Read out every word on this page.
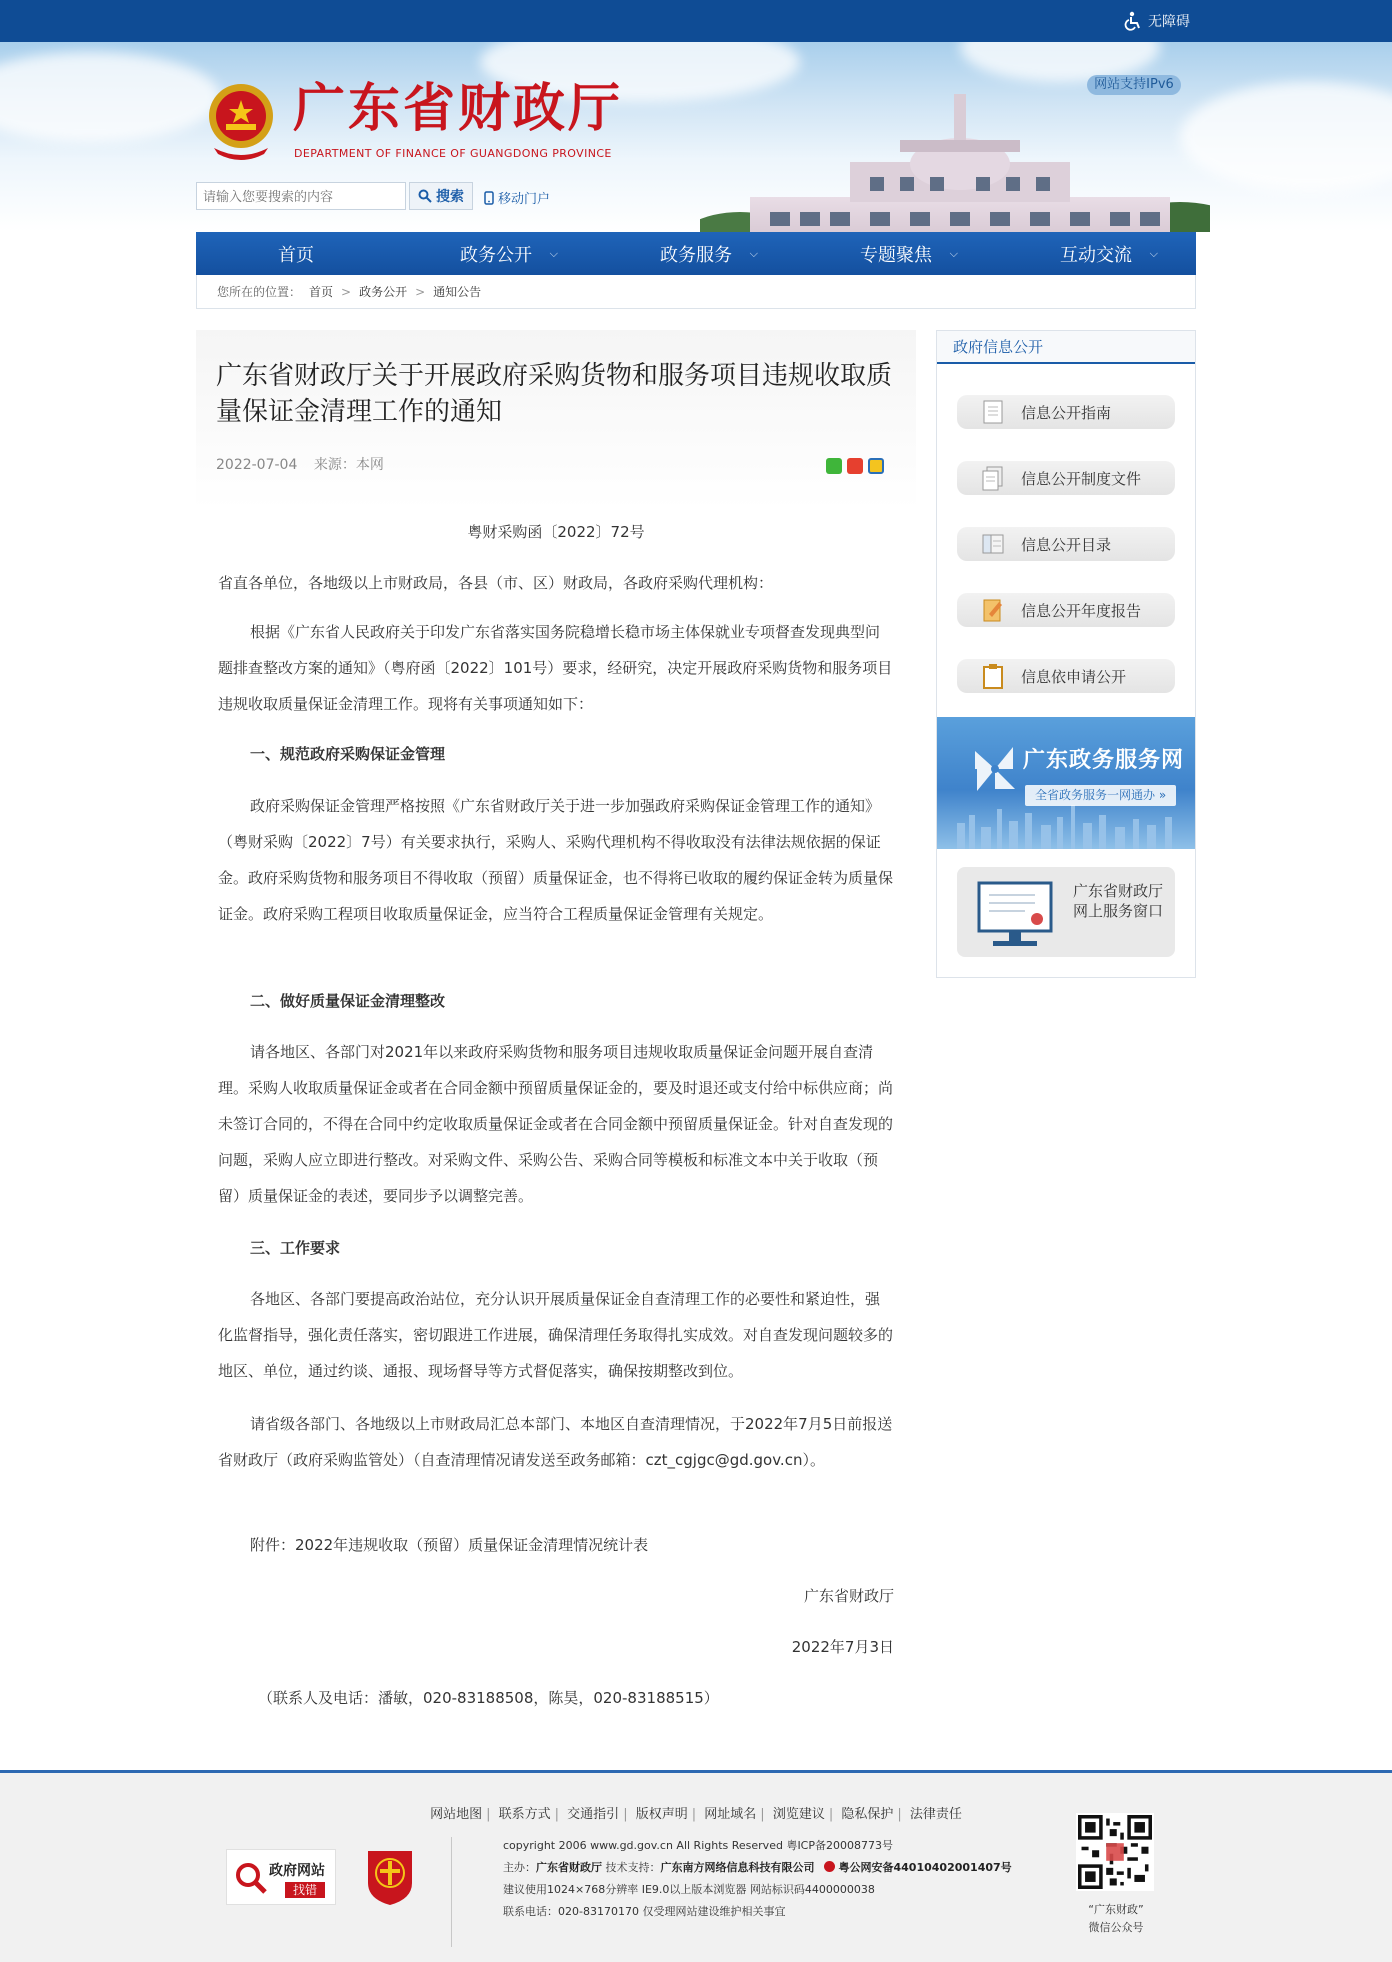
无障碍
广东省财政厅
DEPARTMENT OF FINANCE OF GUANGDONG PROVINCE
网站支持IPv6
请输入您要搜索的内容
搜索	移动门户
首页	政务公开 ⌵	政务服务 ⌵	专题聚焦 ⌵	互动交流 ⌵
您所在的位置： 首页 > 政务公开 > 通知公告
广东省财政厅关于开展政府采购货物和服务项目违规收取质量保证金清理工作的通知
2022-07-04 来源：本网

粤财采购函〔2022〕72号

省直各单位，各地级以上市财政局，各县（市、区）财政局，各政府采购代理机构：

根据《广东省人民政府关于印发广东省落实国务院稳增长稳市场主体保就业专项督查发现典型问题排查整改方案的通知》（粤府函〔2022〕101号）要求，经研究，决定开展政府采购货物和服务项目违规收取质量保证金清理工作。现将有关事项通知如下：

一、规范政府采购保证金管理

政府采购保证金管理严格按照《广东省财政厅关于进一步加强政府采购保证金管理工作的通知》（粤财采购〔2022〕7号）有关要求执行，采购人、采购代理机构不得收取没有法律法规依据的保证金。政府采购货物和服务项目不得收取（预留）质量保证金，也不得将已收取的履约保证金转为质量保证金。政府采购工程项目收取质量保证金，应当符合工程质量保证金管理有关规定。

二、做好质量保证金清理整改

请各地区、各部门对2021年以来政府采购货物和服务项目违规收取质量保证金问题开展自查清理。采购人收取质量保证金或者在合同金额中预留质量保证金的，要及时退还或支付给中标供应商；尚未签订合同的，不得在合同中约定收取质量保证金或者在合同金额中预留质量保证金。针对自查发现的问题，采购人应立即进行整改。对采购文件、采购公告、采购合同等模板和标准文本中关于收取（预留）质量保证金的表述，要同步予以调整完善。

三、工作要求

各地区、各部门要提高政治站位，充分认识开展质量保证金自查清理工作的必要性和紧迫性，强化监督指导，强化责任落实，密切跟进工作进展，确保清理任务取得扎实成效。对自查发现问题较多的地区、单位，通过约谈、通报、现场督导等方式督促落实，确保按期整改到位。

请省级各部门、各地级以上市财政局汇总本部门、本地区自查清理情况，于2022年7月5日前报送省财政厅（政府采购监管处）（自查清理情况请发送至政务邮箱：czt_cgjgc@gd.gov.cn）。

附件：2022年违规收取（预留）质量保证金清理情况统计表

广东省财政厅

2022年7月3日

（联系人及电话：潘敏，020-83188508，陈昊，020-83188515）

政府信息公开
信息公开指南
信息公开制度文件
信息公开目录
信息公开年度报告
信息依申请公开
广东政务服务网
全省政务服务一网通办 »
广东省财政厅网上服务窗口
网站地图 | 联系方式 | 交通指引 | 版权声明 | 网址域名 | 浏览建议 | 隐私保护 | 法律责任
政府网站
找错
copyright 2006 www.gd.gov.cn All Rights Reserved 粤ICP备20008773号
主办：广东省财政厅 技术支持：广东南方网络信息科技有限公司 粤公网安备44010402001407号
建议使用1024×768分辨率 IE9.0以上版本浏览器 网站标识码4400000038
联系电话：020-83170170 仅受理网站建设维护相关事宜	“广东财政”
微信公众号
